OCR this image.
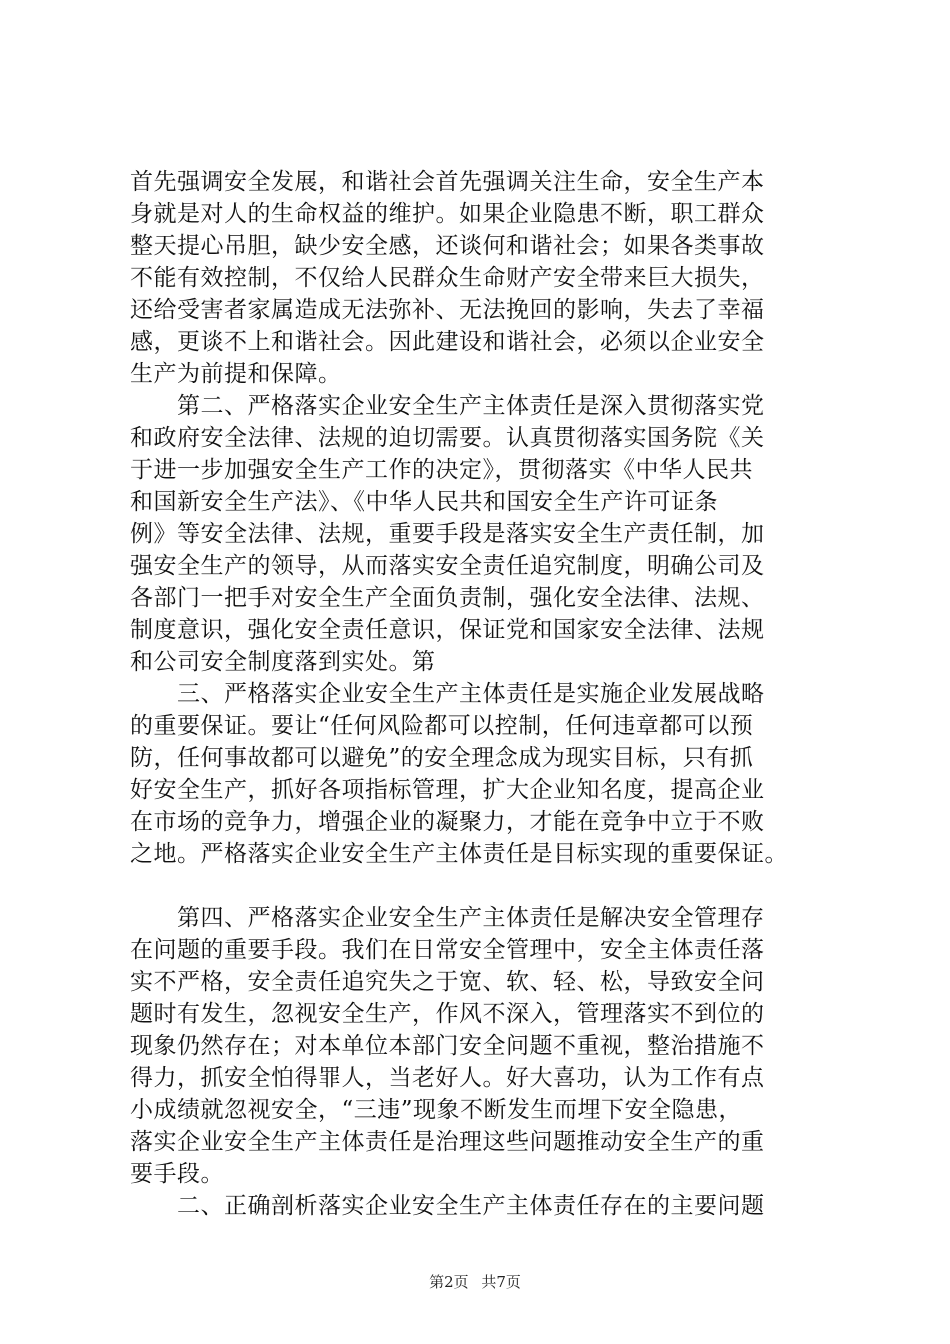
首先强调安全发展，和谐社会首先强调关注生命，安全生产本
身就是对人的生命权益的维护。如果企业隐患不断，职工群众
整天提心吊胆，缺少安全感，还谈何和谐社会；如果各类事故
不能有效控制，不仅给人民群众生命财产安全带来巨大损失，
还给受害者家属造成无法弥补、无法挽回的影响，失去了幸福
感，更谈不上和谐社会。因此建设和谐社会，必须以企业安全
生产为前提和保障。
　　第二、严格落实企业安全生产主体责任是深入贯彻落实党
和政府安全法律、法规的迫切需要。认真贯彻落实国务院《关
于进一步加强安全生产工作的决定》，贯彻落实《中华人民共
和国新安全生产法》、《中华人民共和国安全生产许可证条
例》等安全法律、法规，重要手段是落实安全生产责任制，加
强安全生产的领导，从而落实安全责任追究制度，明确公司及
各部门一把手对安全生产全面负责制，强化安全法律、法规、
制度意识，强化安全责任意识，保证党和国家安全法律、法规
和公司安全制度落到实处。第
　　三、严格落实企业安全生产主体责任是实施企业发展战略
的重要保证。要让“任何风险都可以控制，任何违章都可以预
防，任何事故都可以避免”的安全理念成为现实目标，只有抓
好安全生产，抓好各项指标管理，扩大企业知名度，提高企业
在市场的竞争力，增强企业的凝聚力，才能在竞争中立于不败
之地。严格落实企业安全生产主体责任是目标实现的重要保证。
　　第四、严格落实企业安全生产主体责任是解决安全管理存
在问题的重要手段。我们在日常安全管理中，安全主体责任落
实不严格，安全责任追究失之于宽、软、轻、松，导致安全问
题时有发生，忽视安全生产，作风不深入，管理落实不到位的
现象仍然存在；对本单位本部门安全问题不重视，整治措施不
得力，抓安全怕得罪人，当老好人。好大喜功，认为工作有点
小成绩就忽视安全，“三违”现象不断发生而埋下安全隐患，
落实企业安全生产主体责任是治理这些问题推动安全生产的重
要手段。
　　二、正确剖析落实企业安全生产主体责任存在的主要问题
第2页 共7页
